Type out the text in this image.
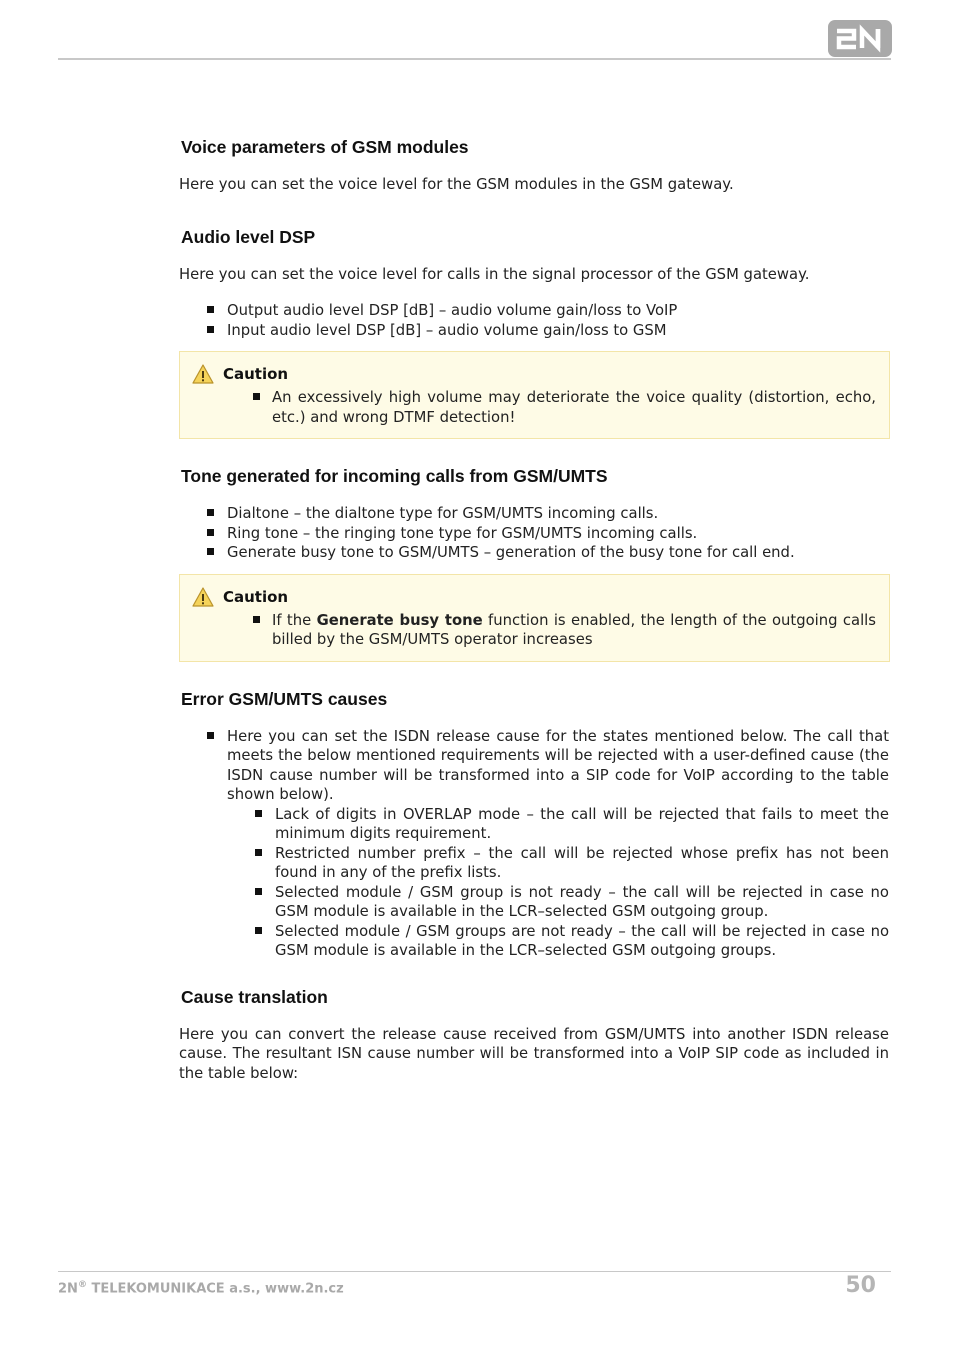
Voice parameters of GSM modules

Here you can set the voice level for the GSM modules in the GSM gateway.

Audio level DSP

Here you can set the voice level for calls in the signal processor of the GSM gateway.

Output audio level DSP [dB] – audio volume gain/loss to VoIP
Input audio level DSP [dB] – audio volume gain/loss to GSM
Caution
An excessively high volume may deteriorate the voice quality (distortion, echo, etc.) and wrong DTMF detection!
Tone generated for incoming calls from GSM/UMTS
Dialtone – the dialtone type for GSM/UMTS incoming calls.
Ring tone – the ringing tone type for GSM/UMTS incoming calls.
Generate busy tone to GSM/UMTS – generation of the busy tone for call end.
Caution
If the Generate busy tone function is enabled, the length of the outgoing calls billed by the GSM/UMTS operator increases
Error GSM/UMTS causes
Here you can set the ISDN release cause for the states mentioned below. The call that meets the below mentioned requirements will be rejected with a user-defined cause (the ISDN cause number will be transformed into a SIP code for VoIP according to the table shown below).
Lack of digits in OVERLAP mode – the call will be rejected that fails to meet the minimum digits requirement.
Restricted number prefix – the call will be rejected whose prefix has not been found in any of the prefix lists.
Selected module / GSM group is not ready – the call will be rejected in case no GSM module is available in the LCR–selected GSM outgoing group.
Selected module / GSM groups are not ready – the call will be rejected in case no GSM module is available in the LCR–selected GSM outgoing groups.
Cause translation

Here you can convert the release cause received from GSM/UMTS into another ISDN release cause. The resultant ISN cause number will be transformed into a VoIP SIP code as included in the table below:

2N® TELEKOMUNIKACE a.s., www.2n.cz	50
